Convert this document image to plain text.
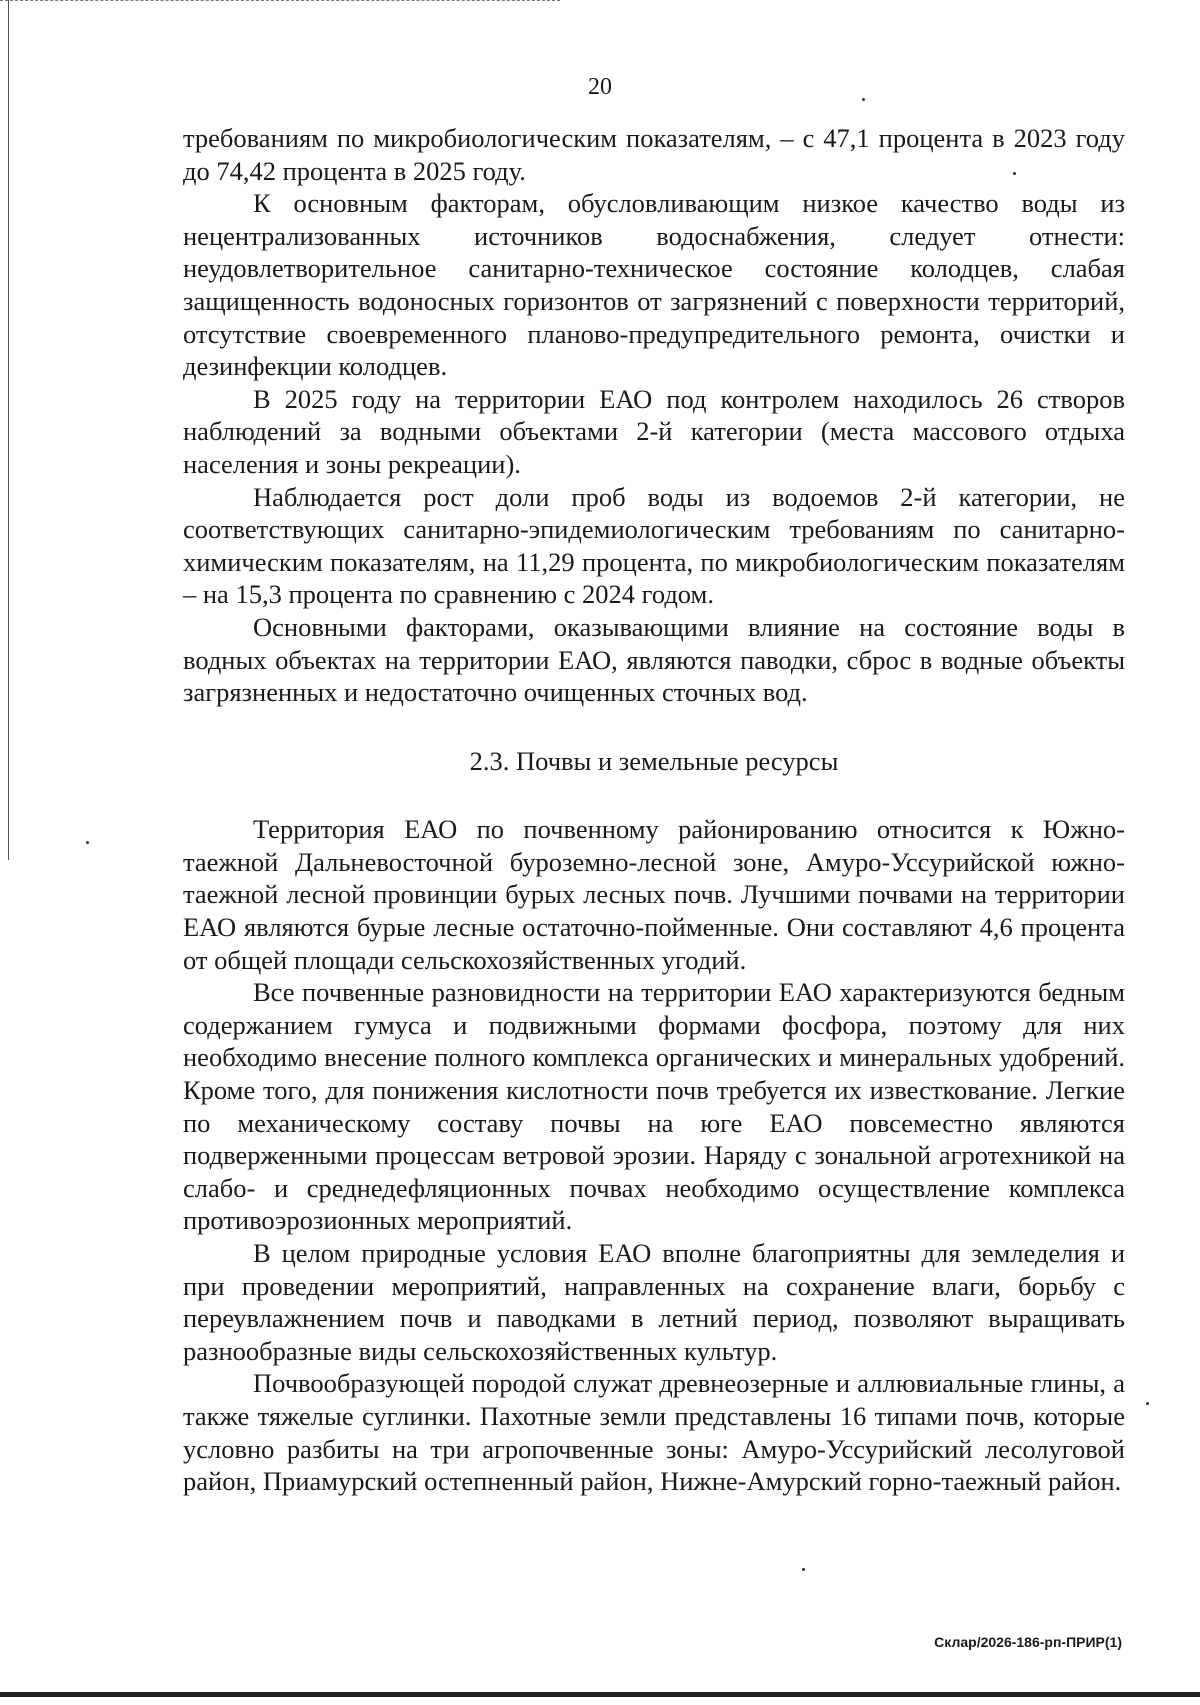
20

требованиям по микробиологическим показателям, – с 47,1 процента в 2023 году до 74,42 процента в 2025 году.

К основным факторам, обусловливающим низкое качество воды из нецентрализованных источников водоснабжения, следует отнести: неудовлетворительное санитарно-техническое состояние колодцев, слабая защищенность водоносных горизонтов от загрязнений с поверхности территорий, отсутствие своевременного планово-предупредительного ремонта, очистки и дезинфекции колодцев.

В 2025 году на территории ЕАО под контролем находилось 26 створов наблюдений за водными объектами 2-й категории (места массового отдыха населения и зоны рекреации).

Наблюдается рост доли проб воды из водоемов 2-й категории, не соответствующих санитарно-эпидемиологическим требованиям по санитарно-химическим показателям, на 11,29 процента, по микробиологическим показателям – на 15,3 процента по сравнению с 2024 годом.

Основными факторами, оказывающими влияние на состояние воды в водных объектах на территории ЕАО, являются паводки, сброс в водные объекты загрязненных и недостаточно очищенных сточных вод.

2.3. Почвы и земельные ресурсы

Территория ЕАО по почвенному районированию относится к Южно-таежной Дальневосточной буроземно-лесной зоне, Амуро-Уссурийской южно-таежной лесной провинции бурых лесных почв. Лучшими почвами на территории ЕАО являются бурые лесные остаточно-пойменные. Они составляют 4,6 процента от общей площади сельскохозяйственных угодий.

Все почвенные разновидности на территории ЕАО характеризуются бедным содержанием гумуса и подвижными формами фосфора, поэтому для них необходимо внесение полного комплекса органических и минеральных удобрений. Кроме того, для понижения кислотности почв требуется их известкование. Легкие по механическому составу почвы на юге ЕАО повсеместно являются подверженными процессам ветровой эрозии. Наряду с зональной агротехникой на слабо- и среднедефляционных почвах необходимо осуществление комплекса противоэрозионных мероприятий.

В целом природные условия ЕАО вполне благоприятны для земледелия и при проведении мероприятий, направленных на сохранение влаги, борьбу с переувлажнением почв и паводками в летний период, позволяют выращивать разнообразные виды сельскохозяйственных культур.

Почвообразующей породой служат древнеозерные и аллювиальные глины, а также тяжелые суглинки. Пахотные земли представлены 16 типами почв, которые условно разбиты на три агропочвенные зоны: Амуро-Уссурийский лесолуговой район, Приамурский остепненный район, Нижне-Амурский горно-таежный район.

Склар/2026-186-рп-ПРИР(1)
